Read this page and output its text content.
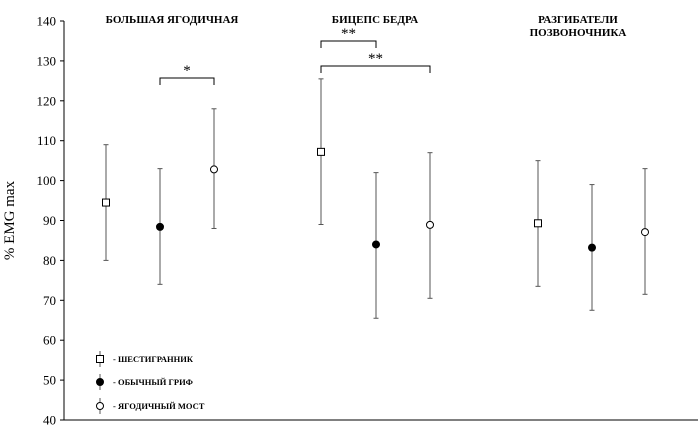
40
50
60
70
80
90
100
110
120
130
140
% EMG max
БОЛЬШАЯ ЯГОДИЧНАЯ	БИЦЕПС БЕДРА	РАЗГИБАТЕЛИ
ПОЗВОНОЧНИКА
*
**
**
- ШЕСТИГРАННИК
- ОБЫЧНЫЙ ГРИФ
- ЯГОДИЧНЫЙ МОСТ
